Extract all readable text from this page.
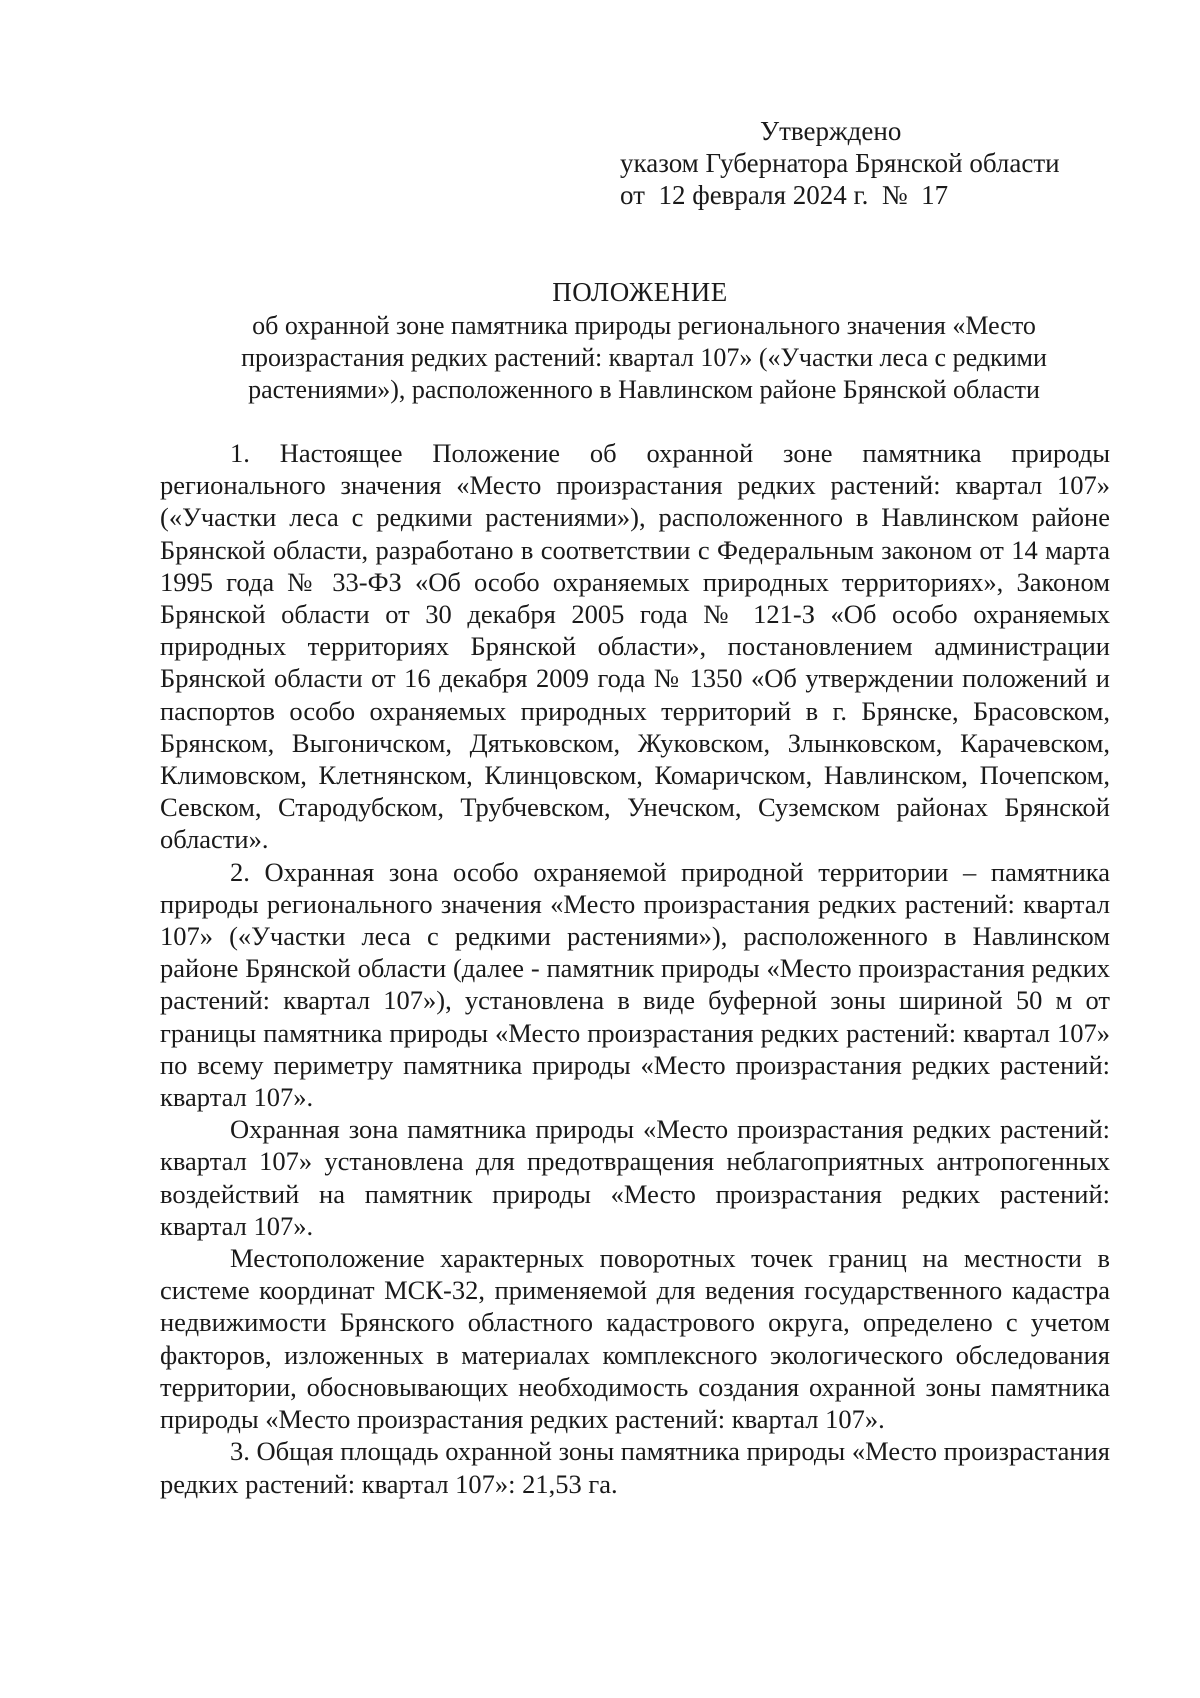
Утверждено
указом Губернатора Брянской области
от  12 февраля 2024 г.  №  17
ПОЛОЖЕНИЕ
об охранной зоне памятника природы регионального значения «Место произрастания редких растений: квартал 107» («Участки леса с редкими растениями»), расположенного в Навлинском районе Брянской области

1. Настоящее Положение об охранной зоне памятника природы регионального значения «Место произрастания редких растений: квартал 107» («Участки леса с редкими растениями»), расположенного в Навлинском районе Брянской области, разработано в соответствии с Федеральным законом от 14 марта 1995 года № 33-ФЗ «Об особо охраняемых природных территориях», Законом Брянской области от 30 декабря 2005 года № 121-З «Об особо охраняемых природных территориях Брянской области», постановлением администрации Брянской области от 16 декабря 2009 года № 1350 «Об утверждении положений и паспортов особо охраняемых природных территорий в г. Брянске, Брасовском, Брянском, Выгоничском, Дятьковском, Жуковском, Злынковском, Карачевском, Климовском, Клетнянском, Клинцовском, Комаричском, Навлинском, Почепском, Севском, Стародубском, Трубчевском, Унечском, Суземском районах Брянской области».

2. Охранная зона особо охраняемой природной территории – памятника природы регионального значения «Место произрастания редких растений: квартал 107» («Участки леса с редкими растениями»), расположенного в Навлинском районе Брянской области (далее - памятник природы «Место произрастания редких растений: квартал 107»), установлена в виде буферной зоны шириной 50 м от границы памятника природы «Место произрастания редких растений: квартал 107» по всему периметру памятника природы «Место произрастания редких растений: квартал 107».

Охранная зона памятника природы «Место произрастания редких растений: квартал 107» установлена для предотвращения неблагоприятных антропогенных воздействий на памятник природы «Место произрастания редких растений: квартал 107».

Местоположение характерных поворотных точек границ на местности в системе координат МСК-32, применяемой для ведения государственного кадастра недвижимости Брянского областного кадастрового округа, определено с учетом факторов, изложенных в материалах комплексного экологического обследования территории, обосновывающих необходимость создания охранной зоны памятника природы «Место произрастания редких растений: квартал 107».

3. Общая площадь охранной зоны памятника природы «Место произрастания редких растений: квартал 107»: 21,53 га.
